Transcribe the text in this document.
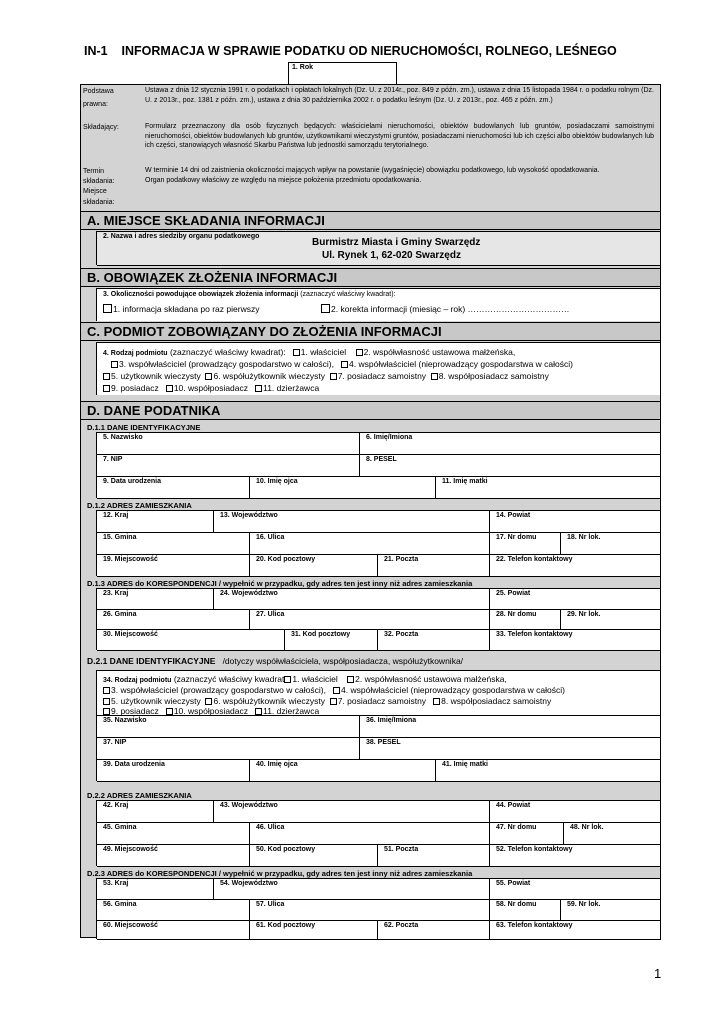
IN-1 INFORMACJA W SPRAWIE PODATKU OD NIERUCHOMOŚCI, ROLNEGO, LEŚNEGO
1. Rok
Podstawa
prawna:
Ustawa z dnia 12 stycznia 1991 r. o podatkach i opłatach lokalnych (Dz. U. z 2014r., poz. 849 z późn. zm.), ustawa z dnia 15 listopada 1984 r. o podatku rolnym (Dz. U. z 2013r., poz. 1381 z późn. zm.), ustawa z dnia 30 października 2002 r. o podatku leśnym (Dz. U. z 2013r., poz. 465 z późn. zm.)
Składający:	Formularz przeznaczony dla osób fizycznych będących: właścicielami nieruchomości, obiektów budowlanych lub gruntów, posiadaczami samoistnymi nieruchomości, obiektów budowlanych lub gruntów, użytkownikami wieczystymi gruntów, posiadaczami nieruchomości lub ich części albo obiektów budowlanych lub ich części, stanowiących własność Skarbu Państwa lub jednostki samorządu terytorialnego.
Termin
składania:
Miejsce
składania:
W terminie 14 dni od zaistnienia okoliczności mających wpływ na powstanie (wygaśnięcie) obowiązku podatkowego, lub wysokość opodatkowania.
Organ podatkowy właściwy ze względu na miejsce położenia przedmiotu opodatkowania.
A. MIEJSCE SKŁADANIA INFORMACJI
2. Nazwa i adres siedziby organu podatkowego
Burmistrz Miasta i Gminy Swarzędz
Ul. Rynek 1, 62-020 Swarzędz
B. OBOWIĄZEK ZŁOŻENIA INFORMACJI
3. Okoliczności powodujące obowiązek złożenia informacji (zaznaczyć właściwy kwadrat):
1. informacja składana po raz pierwszy	2. korekta informacji (miesiąc – rok) ………………………………
C. PODMIOT ZOBOWIĄZANY DO ZŁOŻENIA INFORMACJI
4. Rodzaj podmiotu (zaznaczyć właściwy kwadrat): 1. właściciel 2. współwłasność ustawowa małżeńska,
3. współwłaściciel (prowadzący gospodarstwo w całości), 4. współwłaściciel (nieprowadzący gospodarstwa w całości)
5. użytkownik wieczysty 6. współużytkownik wieczysty 7. posiadacz samoistny 8. współposiadacz samoistny
9. posiadacz 10. współposiadacz 11. dzierżawca
D. DANE PODATNIKA
D.1.1 DANE IDENTYFIKACYJNE
5. Nazwisko	6. Imię/Imiona
7. NIP	8. PESEL
9. Data urodzenia	10. Imię ojca	11. Imię matki
D.1.2 ADRES ZAMIESZKANIA
12. Kraj	13. Województwo	14. Powiat
15. Gmina	16. Ulica	17. Nr domu	18. Nr lok.
19. Miejscowość	20. Kod pocztowy	21. Poczta	22. Telefon kontaktowy
D.1.3 ADRES do KORESPONDENCJI / wypełnić w przypadku, gdy adres ten jest inny niż adres zamieszkania
23. Kraj	24. Województwo	25. Powiat
26. Gmina	27. Ulica	28. Nr domu	29. Nr lok.
30. Miejscowość	31. Kod pocztowy	32. Poczta	33. Telefon kontaktowy
D.2.1 DANE IDENTYFIKACYJNE /dotyczy współwłaściciela, współposiadacza, współużytkownika/
34. Rodzaj podmiotu (zaznaczyć właściwy kwadrat 1. właściciel 2. współwłasność ustawowa małżeńska,
3. współwłaściciel (prowadzący gospodarstwo w całości), 4. współwłaściciel (nieprowadzący gospodarstwa w całości)
5. użytkownik wieczysty 6. współużytkownik wieczysty 7. posiadacz samoistny 8. współposiadacz samoistny
9. posiadacz 10. współposiadacz 11. dzierżawca
35. Nazwisko	36. Imię/Imiona
37. NIP	38. PESEL
39. Data urodzenia	40. Imię ojca	41. Imię matki
D.2.2 ADRES ZAMIESZKANIA
42. Kraj	43. Województwo	44. Powiat
45. Gmina	46. Ulica	47. Nr domu	48. Nr lok.
49. Miejscowość	50. Kod pocztowy	51. Poczta	52. Telefon kontaktowy
D.2.3 ADRES do KORESPONDENCJI / wypełnić w przypadku, gdy adres ten jest inny niż adres zamieszkania
53. Kraj	54. Województwo	55. Powiat
56. Gmina	57. Ulica	58. Nr domu	59. Nr lok.
60. Miejscowość	61. Kod pocztowy	62. Poczta	63. Telefon kontaktowy
1
